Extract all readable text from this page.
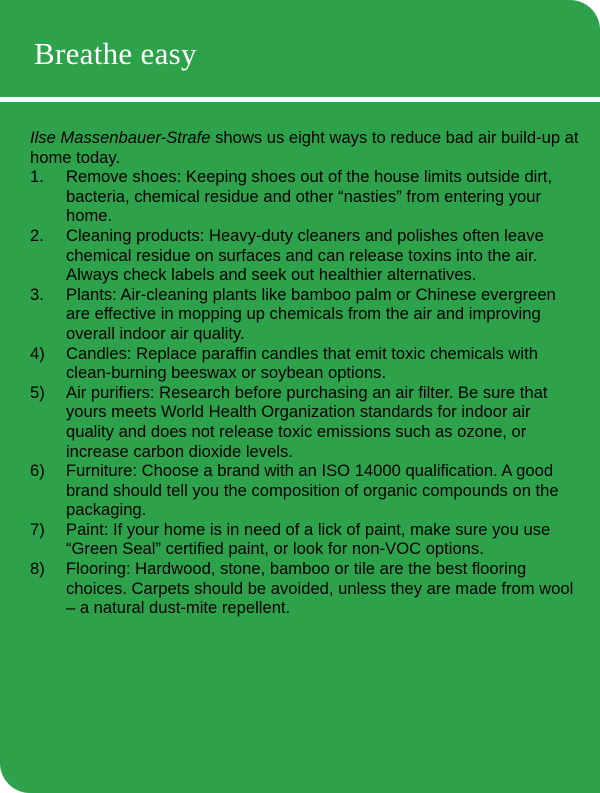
Breathe easy

Ilse Massenbauer-Strafe shows us eight ways to reduce bad air build-up at home today.

1. Remove shoes: Keeping shoes out of the house limits outside dirt, bacteria, chemical residue and other “nasties” from entering your home.
2. Cleaning products: Heavy-duty cleaners and polishes often leave chemical residue on surfaces and can release toxins into the air. Always check labels and seek out healthier alternatives.
3. Plants: Air-cleaning plants like bamboo palm or Chinese evergreen are effective in mopping up chemicals from the air and improving overall indoor air quality.
4) Candles: Replace paraffin candles that emit toxic chemicals with clean-burning beeswax or soybean options.
5) Air purifiers: Research before purchasing an air filter. Be sure that yours meets World Health Organization standards for indoor air quality and does not release toxic emissions such as ozone, or increase carbon dioxide levels.
6) Furniture: Choose a brand with an ISO 14000 qualification. A good brand should tell you the composition of organic compounds on the packaging.
7) Paint: If your home is in need of a lick of paint, make sure you use “Green Seal” certified paint, or look for non-VOC options.
8) Flooring: Hardwood, stone, bamboo or tile are the best flooring choices. Carpets should be avoided, unless they are made from wool – a natural dust-mite repellent.
